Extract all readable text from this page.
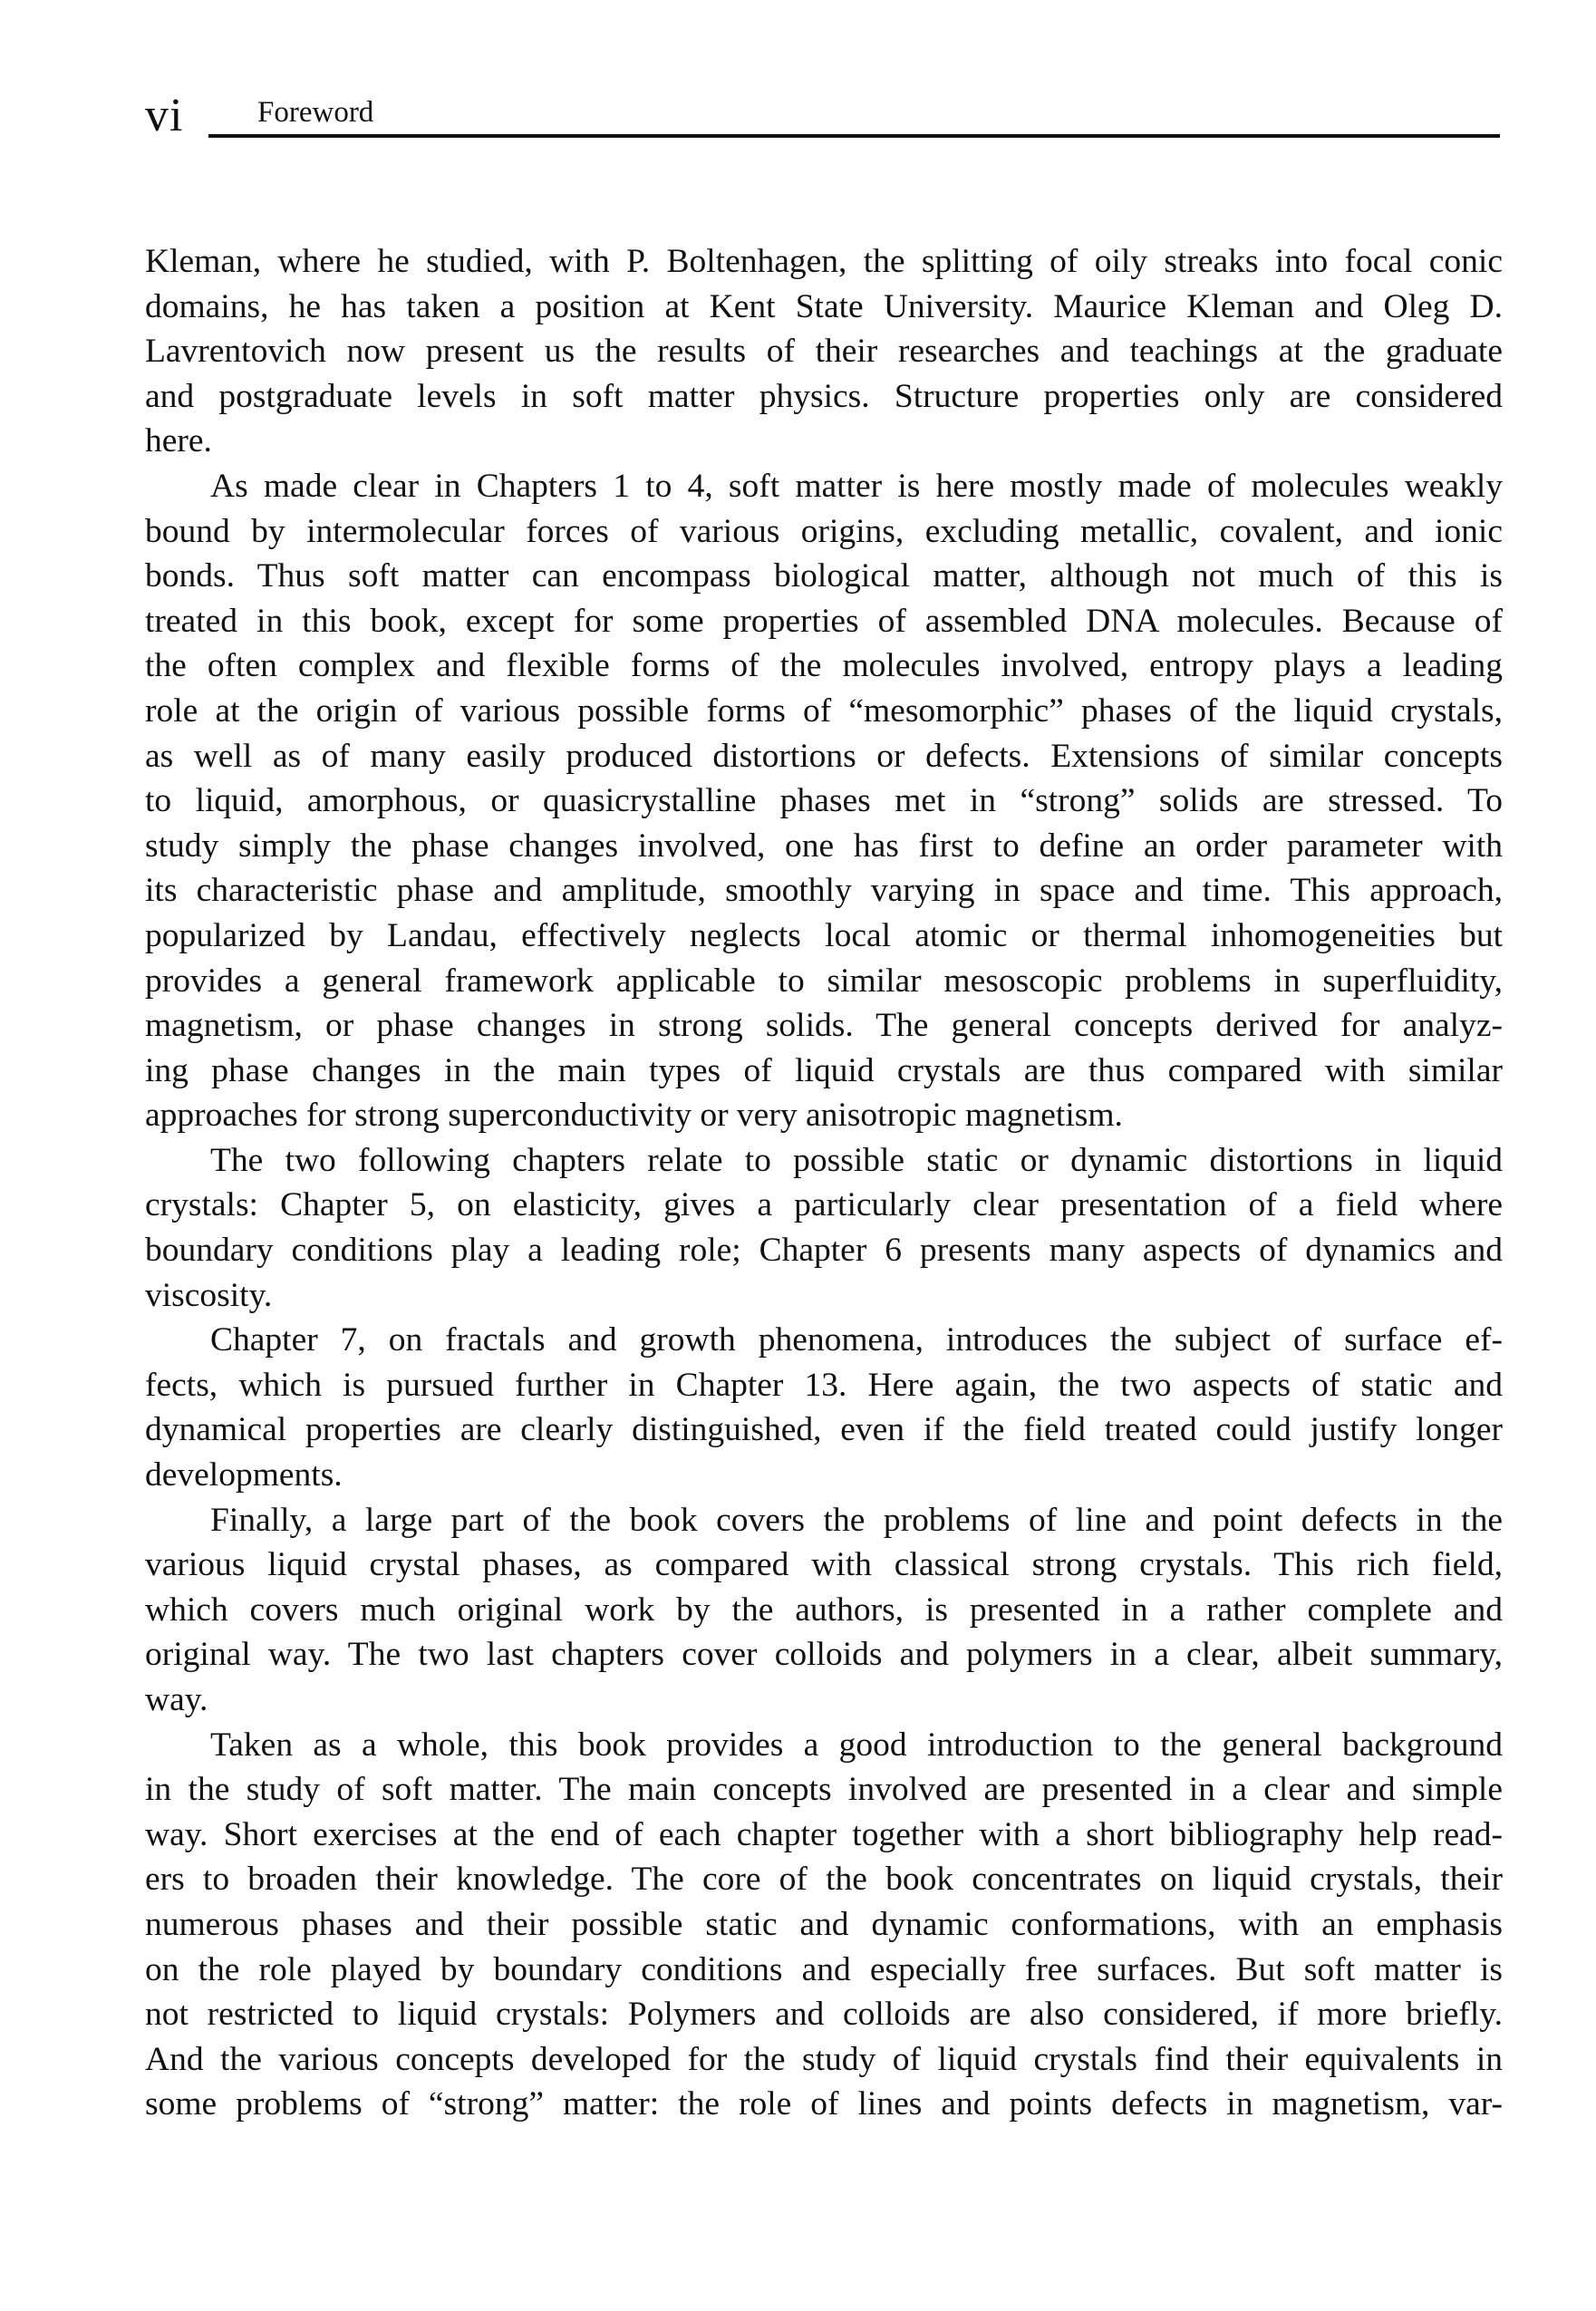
vi Foreword
Kleman, where he studied, with P. Boltenhagen, the splitting of oily streaks into focal conic
domains, he has taken a position at Kent State University. Maurice Kleman and Oleg D.
Lavrentovich now present us the results of their researches and teachings at the graduate
and postgraduate levels in soft matter physics. Structure properties only are considered
here.
As made clear in Chapters 1 to 4, soft matter is here mostly made of molecules weakly
bound by intermolecular forces of various origins, excluding metallic, covalent, and ionic
bonds. Thus soft matter can encompass biological matter, although not much of this is
treated in this book, except for some properties of assembled DNA molecules. Because of
the often complex and flexible forms of the molecules involved, entropy plays a leading
role at the origin of various possible forms of “mesomorphic” phases of the liquid crystals,
as well as of many easily produced distortions or defects. Extensions of similar concepts
to liquid, amorphous, or quasicrystalline phases met in “strong” solids are stressed. To
study simply the phase changes involved, one has first to define an order parameter with
its characteristic phase and amplitude, smoothly varying in space and time. This approach,
popularized by Landau, effectively neglects local atomic or thermal inhomogeneities but
provides a general framework applicable to similar mesoscopic problems in superfluidity,
magnetism, or phase changes in strong solids. The general concepts derived for analyz-
ing phase changes in the main types of liquid crystals are thus compared with similar
approaches for strong superconductivity or very anisotropic magnetism.
The two following chapters relate to possible static or dynamic distortions in liquid
crystals: Chapter 5, on elasticity, gives a particularly clear presentation of a field where
boundary conditions play a leading role; Chapter 6 presents many aspects of dynamics and
viscosity.
Chapter 7, on fractals and growth phenomena, introduces the subject of surface ef-
fects, which is pursued further in Chapter 13. Here again, the two aspects of static and
dynamical properties are clearly distinguished, even if the field treated could justify longer
developments.
Finally, a large part of the book covers the problems of line and point defects in the
various liquid crystal phases, as compared with classical strong crystals. This rich field,
which covers much original work by the authors, is presented in a rather complete and
original way. The two last chapters cover colloids and polymers in a clear, albeit summary,
way.
Taken as a whole, this book provides a good introduction to the general background
in the study of soft matter. The main concepts involved are presented in a clear and simple
way. Short exercises at the end of each chapter together with a short bibliography help read-
ers to broaden their knowledge. The core of the book concentrates on liquid crystals, their
numerous phases and their possible static and dynamic conformations, with an emphasis
on the role played by boundary conditions and especially free surfaces. But soft matter is
not restricted to liquid crystals: Polymers and colloids are also considered, if more briefly.
And the various concepts developed for the study of liquid crystals find their equivalents in
some problems of “strong” matter: the role of lines and points defects in magnetism, var-
